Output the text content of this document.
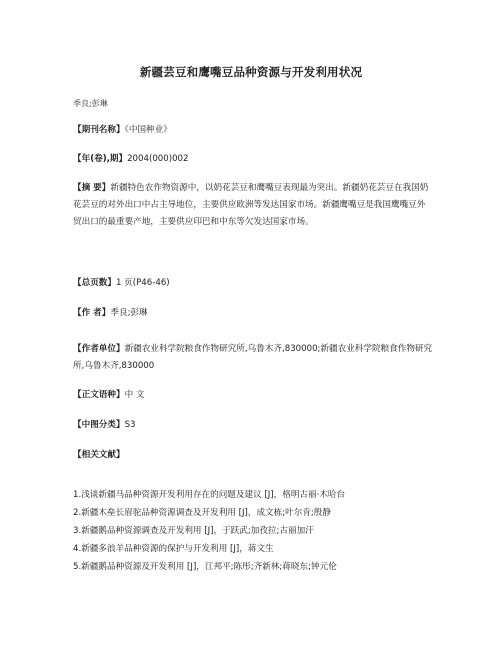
新疆芸豆和鹰嘴豆品种资源与开发利用状况
季良;彭琳
【期刊名称】《中国种业》
【年(卷),期】2004(000)002
【摘 要】新疆特色农作物资源中，以奶花芸豆和鹰嘴豆表现最为突出。新疆奶花芸豆在我国奶花芸豆的对外出口中占主导地位，主要供应欧洲等发达国家市场。新疆鹰嘴豆是我国鹰嘴豆外贸出口的最重要产地，主要供应印巴和中东等欠发达国家市场。
【总页数】1 页(P46-46)
【作 者】季良;彭琳
【作者单位】新疆农业科学院粮食作物研究所,乌鲁木齐,830000;新疆农业科学院粮食作物研究所,乌鲁木齐,830000
【正文语种】中 文
【中图分类】S3
【相关文献】
1.浅谈新疆马品种资源开发利用存在的问题及建议 [J]，格明古丽·木哈台
2.新疆木垒长眉驼品种资源调查及开发利用 [J]，成文栋;叶尔肯;殷静
3.新疆鹅品种资源调查及开发利用 [J]，于跃武;加孜拉;古丽加汗
4.新疆多浪羊品种资源的保护与开发利用 [J]，蒋文生
5.新疆鹅品种资源及开发利用 [J]，江邦平;陈彤;齐新林;蒋晓东;钟元伦
